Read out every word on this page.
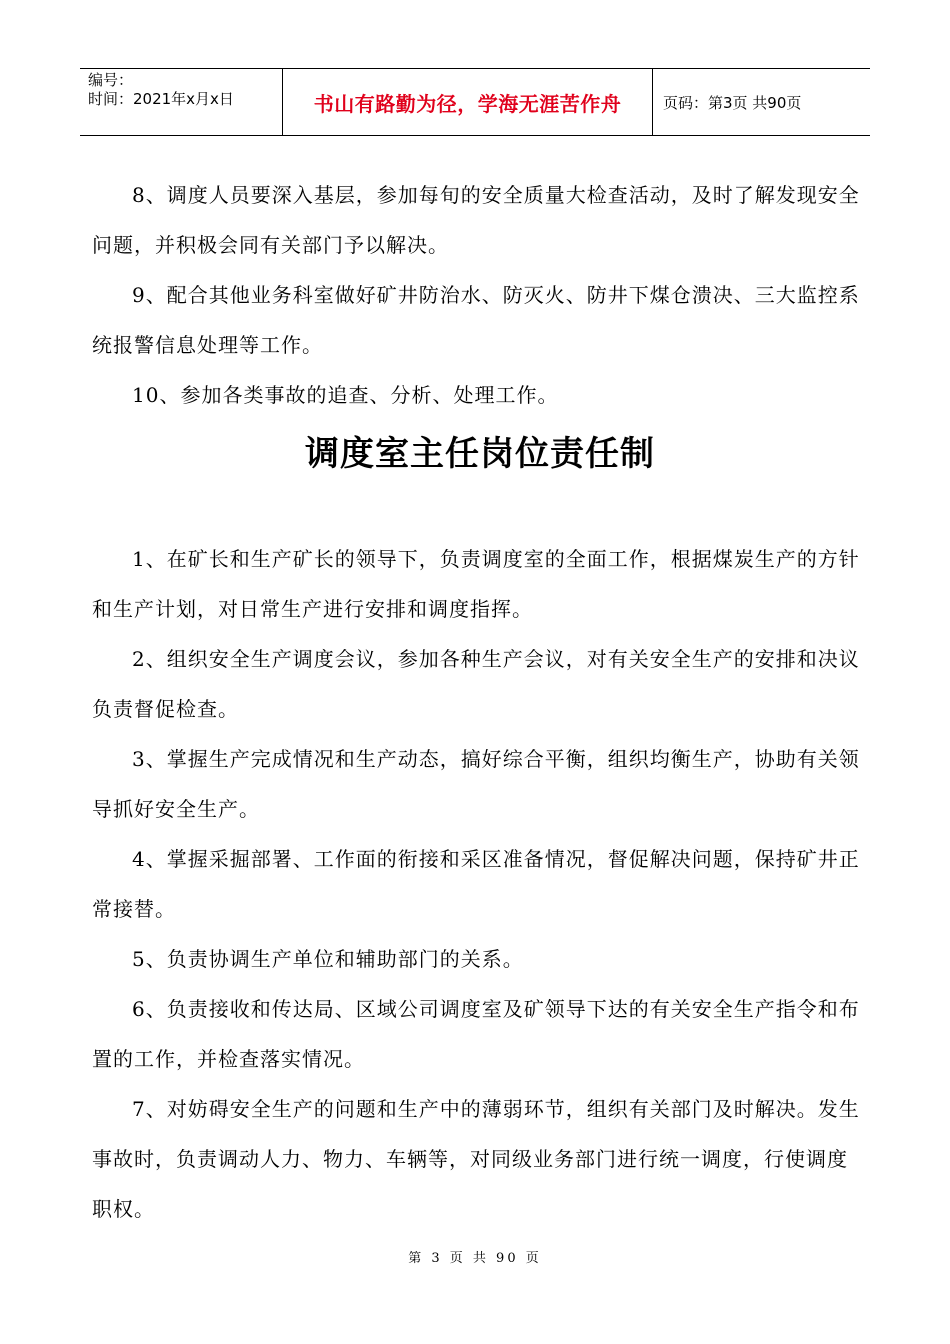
编号：
时间：2021年x月x日	书山有路勤为径，学海无涯苦作舟	页码：第3页 共90页

8、调度人员要深入基层，参加每旬的安全质量大检查活动，及时了解发现安全问题，并积极会同有关部门予以解决。

9、配合其他业务科室做好矿井防治水、防灭火、防井下煤仓溃决、三大监控系统报警信息处理等工作。

10、参加各类事故的追查、分析、处理工作。

调度室主任岗位责任制

1、在矿长和生产矿长的领导下，负责调度室的全面工作，根据煤炭生产的方针和生产计划，对日常生产进行安排和调度指挥。

2、组织安全生产调度会议，参加各种生产会议，对有关安全生产的安排和决议负责督促检查。

3、掌握生产完成情况和生产动态，搞好综合平衡，组织均衡生产，协助有关领导抓好安全生产。

4、掌握采掘部署、工作面的衔接和采区准备情况，督促解决问题，保持矿井正常接替。

5、负责协调生产单位和辅助部门的关系。

6、负责接收和传达局、区域公司调度室及矿领导下达的有关安全生产指令和布置的工作，并检查落实情况。

7、对妨碍安全生产的问题和生产中的薄弱环节，组织有关部门及时解决。发生事故时，负责调动人力、物力、车辆等，对同级业务部门进行统一调度，行使调度职权。

第 3 页 共 90 页
